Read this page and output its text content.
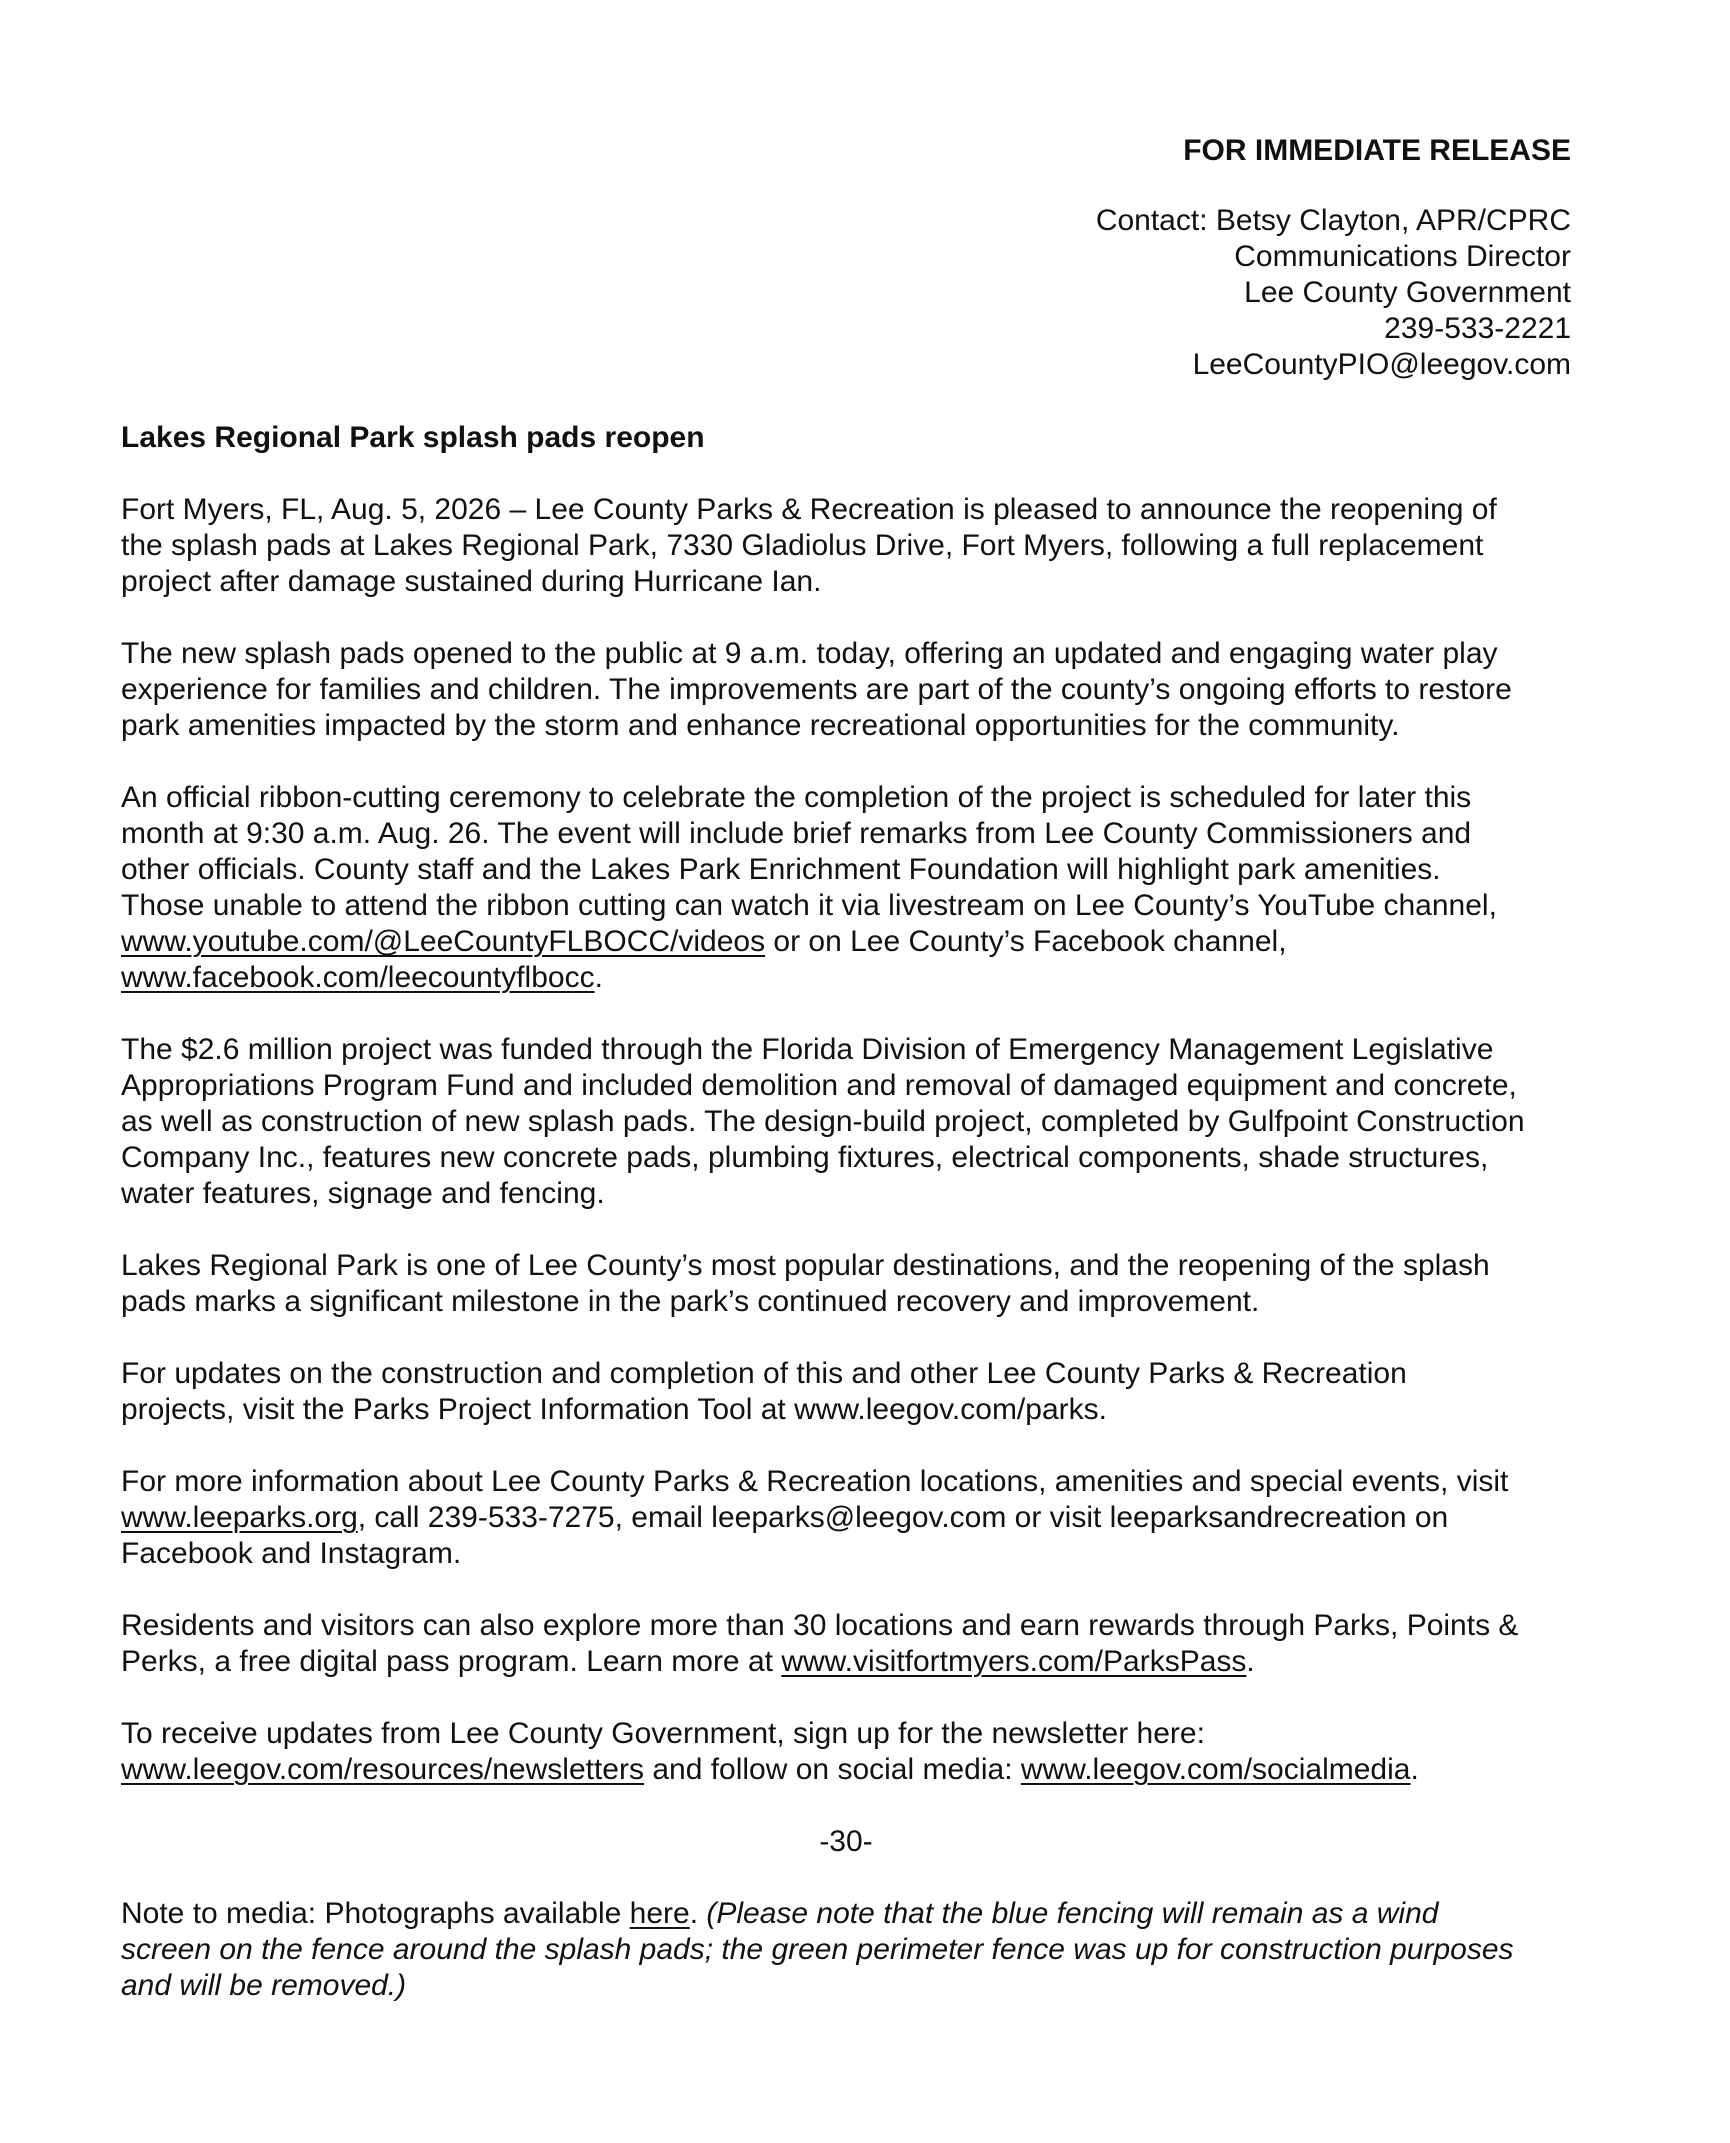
FOR IMMEDIATE RELEASE
Contact: Betsy Clayton, APR/CPRC
Communications Director
Lee County Government
239-533-2221
LeeCountyPIO@leegov.com
Lakes Regional Park splash pads reopen

Fort Myers, FL, Aug. 5, 2026 – Lee County Parks & Recreation is pleased to announce the reopening of
the splash pads at Lakes Regional Park, 7330 Gladiolus Drive, Fort Myers, following a full replacement
project after damage sustained during Hurricane Ian.

The new splash pads opened to the public at 9 a.m. today, offering an updated and engaging water play
experience for families and children. The improvements are part of the county’s ongoing efforts to restore
park amenities impacted by the storm and enhance recreational opportunities for the community.

An official ribbon-cutting ceremony to celebrate the completion of the project is scheduled for later this
month at 9:30 a.m. Aug. 26. The event will include brief remarks from Lee County Commissioners and
other officials. County staff and the Lakes Park Enrichment Foundation will highlight park amenities.
Those unable to attend the ribbon cutting can watch it via livestream on Lee County’s YouTube channel,
www.youtube.com/@LeeCountyFLBOCC/videos or on Lee County’s Facebook channel,
www.facebook.com/leecountyflbocc.

The $2.6 million project was funded through the Florida Division of Emergency Management Legislative
Appropriations Program Fund and included demolition and removal of damaged equipment and concrete,
as well as construction of new splash pads. The design-build project, completed by Gulfpoint Construction
Company Inc., features new concrete pads, plumbing fixtures, electrical components, shade structures,
water features, signage and fencing.

Lakes Regional Park is one of Lee County’s most popular destinations, and the reopening of the splash
pads marks a significant milestone in the park’s continued recovery and improvement.

For updates on the construction and completion of this and other Lee County Parks & Recreation
projects, visit the Parks Project Information Tool at www.leegov.com/parks.

For more information about Lee County Parks & Recreation locations, amenities and special events, visit
www.leeparks.org, call 239-533-7275, email leeparks@leegov.com or visit leeparksandrecreation on
Facebook and Instagram.

Residents and visitors can also explore more than 30 locations and earn rewards through Parks, Points &
Perks, a free digital pass program. Learn more at www.visitfortmyers.com/ParksPass.

To receive updates from Lee County Government, sign up for the newsletter here:
www.leegov.com/resources/newsletters and follow on social media: www.leegov.com/socialmedia.

-30-

Note to media: Photographs available here. (Please note that the blue fencing will remain as a wind
screen on the fence around the splash pads; the green perimeter fence was up for construction purposes
and will be removed.)
